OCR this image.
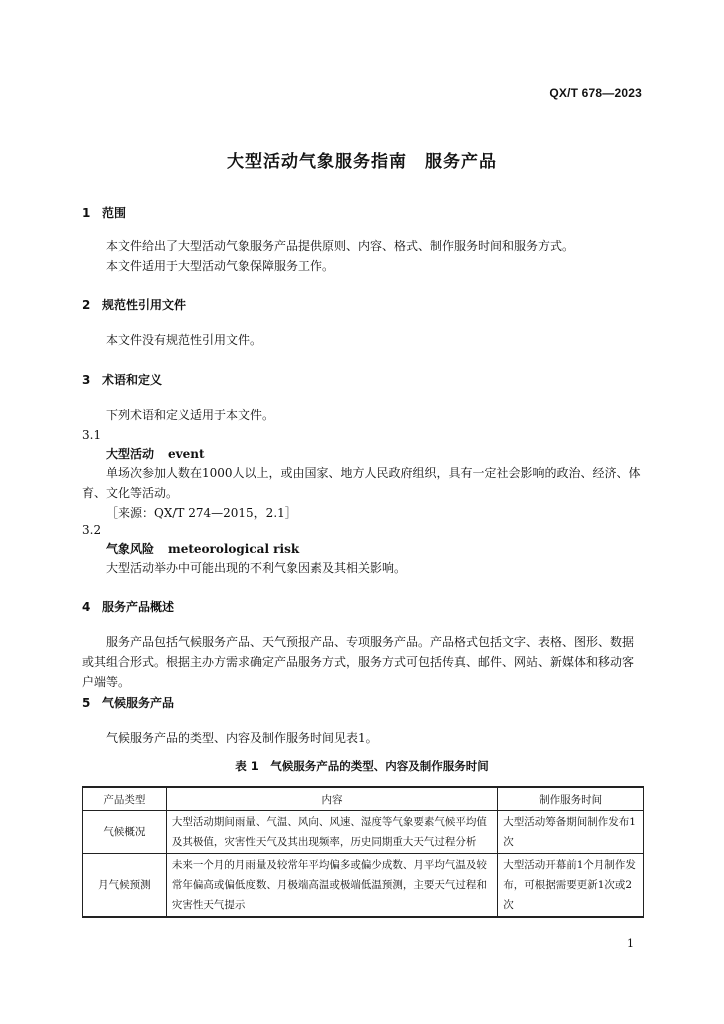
QX/T 678—2023
大型活动气象服务指南　服务产品
1 范围
本文件给出了大型活动气象服务产品提供原则、内容、格式、制作服务时间和服务方式。
本文件适用于大型活动气象保障服务工作。
2 规范性引用文件
本文件没有规范性引用文件。
3 术语和定义
下列术语和定义适用于本文件。
3.1
大型活动 event
单场次参加人数在1000人以上，或由国家、地方人民政府组织，具有一定社会影响的政治、经济、体育、文化等活动。
［来源：QX/T 274—2015，2.1］
3.2
气象风险 meteorological risk
大型活动举办中可能出现的不利气象因素及其相关影响。
4 服务产品概述
服务产品包括气候服务产品、天气预报产品、专项服务产品。产品格式包括文字、表格、图形、数据或其组合形式。根据主办方需求确定产品服务方式，服务方式可包括传真、邮件、网站、新媒体和移动客户端等。
5 气候服务产品
气候服务产品的类型、内容及制作服务时间见表1。
表 1　气候服务产品的类型、内容及制作服务时间
产品类型	内容	制作服务时间
气候概况	大型活动期间雨量、气温、风向、风速、湿度等气象要素气候平均值及其极值，灾害性天气及其出现频率，历史同期重大天气过程分析	大型活动筹备期间制作发布1次
月气候预测	未来一个月的月雨量及较常年平均偏多或偏少成数、月平均气温及较常年偏高或偏低度数、月极端高温或极端低温预测，主要天气过程和灾害性天气提示	大型活动开幕前1个月制作发布，可根据需要更新1次或2次
1
